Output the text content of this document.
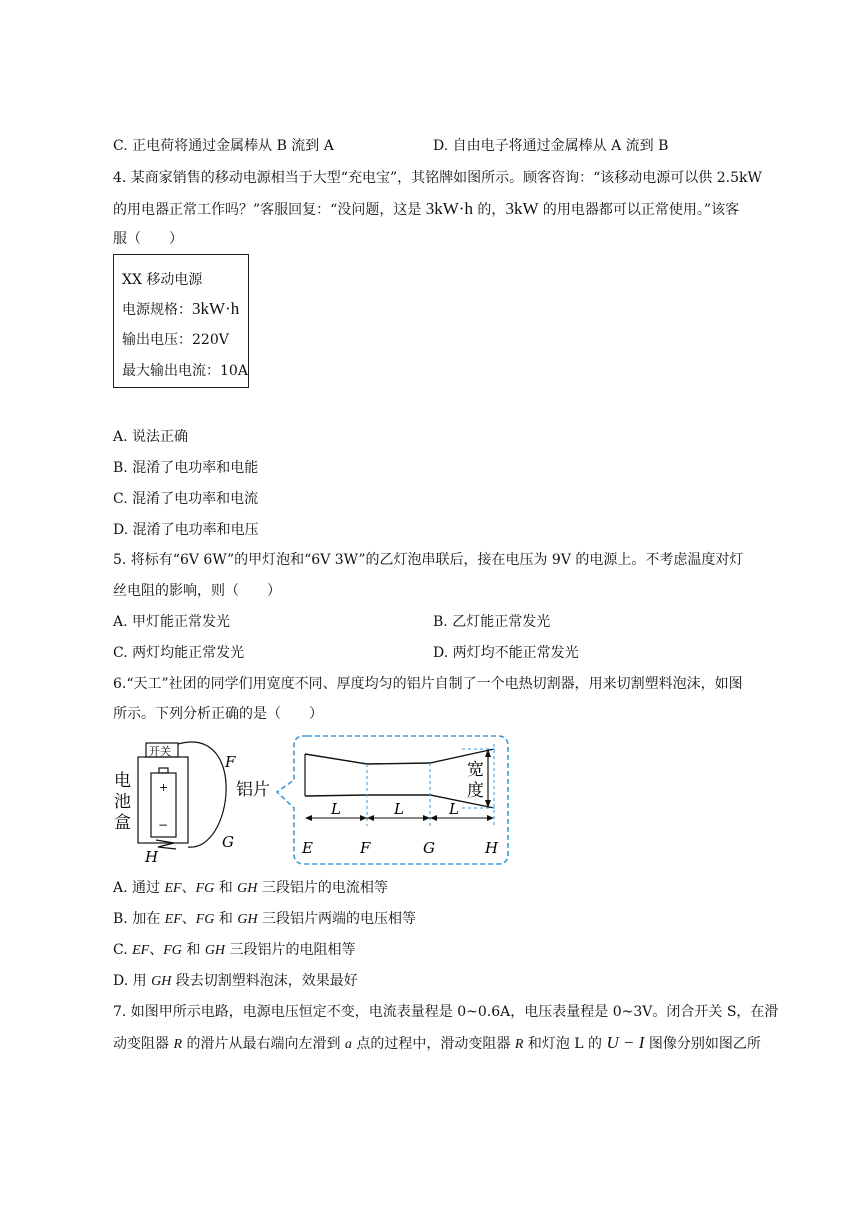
C. 正电荷将通过金属棒从 B 流到 A	D. 自由电子将通过金属棒从 A 流到 B
4. 某商家销售的移动电源相当于大型“充电宝”，其铭牌如图所示。顾客咨询：“该移动电源可以供 2.5kW
的用电器正常工作吗？”客服回复：“没问题，这是 3kW·h 的，3kW 的用电器都可以正常使用。”该客
服（　　）
XX 移动电源
电源规格：3kW·h
输出电压：220V
最大输出电流：10A
A. 说法正确
B. 混淆了电功率和电能
C. 混淆了电功率和电流
D. 混淆了电功率和电压
5. 将标有“6V 6W”的甲灯泡和“6V 3W”的乙灯泡串联后，接在电压为 9V 的电源上。不考虑温度对灯
丝电阻的影响，则（　　）
A. 甲灯能正常发光	B. 乙灯能正常发光
C. 两灯均能正常发光	D. 两灯均不能正常发光
6.“天工”社团的同学们用宽度不同、厚度均匀的铝片自制了一个电热切割器，用来切割塑料泡沫，如图
所示。下列分析正确的是（　　）
开关
+
−
电
池
盒
F
G
H
铝片
宽
度
L	L	L
E	F	G	H
A. 通过 EF、FG 和 GH 三段铝片的电流相等
B. 加在 EF、FG 和 GH 三段铝片两端的电压相等
C. EF、FG 和 GH 三段铝片的电阻相等
D. 用 GH 段去切割塑料泡沫，效果最好
7. 如图甲所示电路，电源电压恒定不变，电流表量程是 0~0.6A，电压表量程是 0~3V。闭合开关 S，在滑
动变阻器 R 的滑片从最右端向左滑到 a 点的过程中，滑动变阻器 R 和灯泡 L 的 U − I 图像分别如图乙所
